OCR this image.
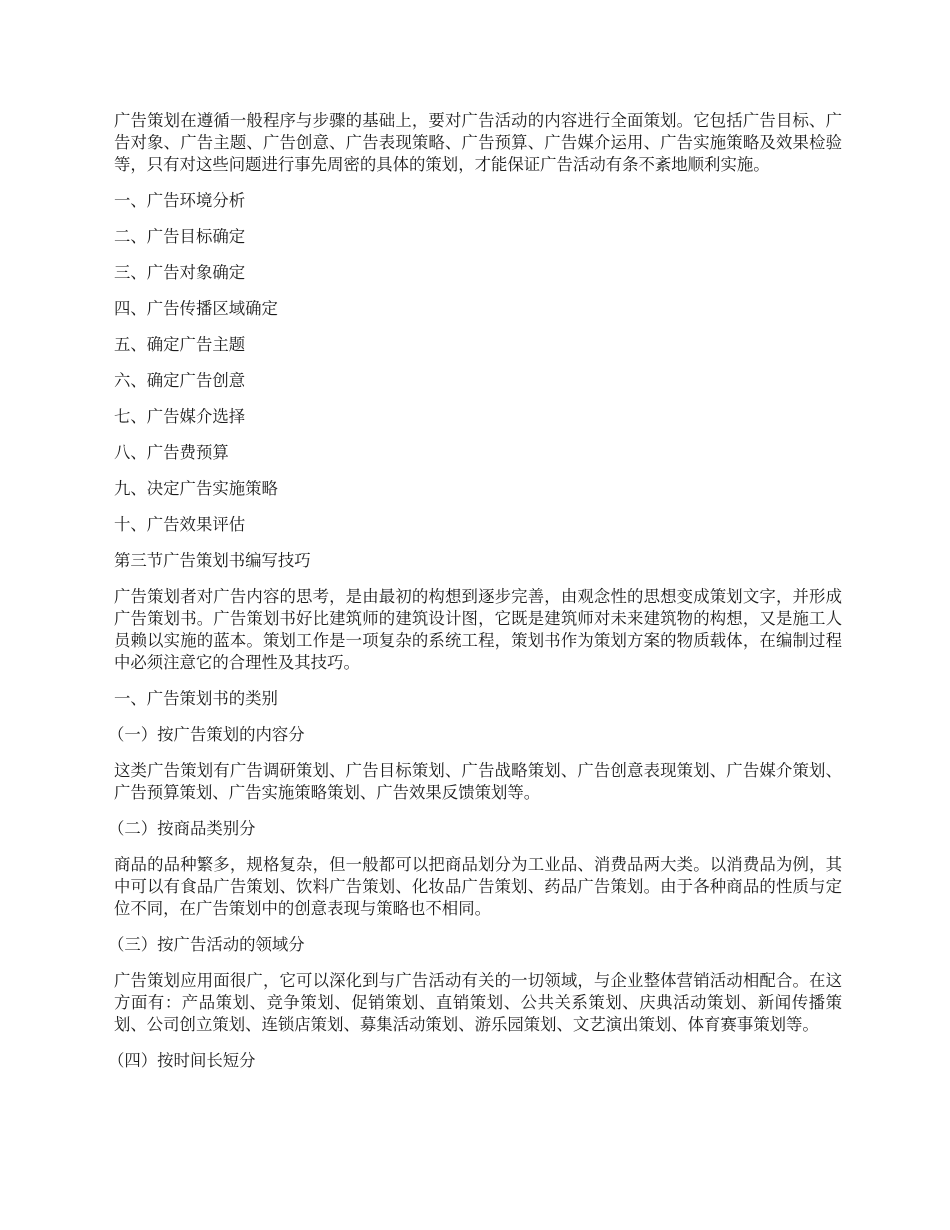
广告策划在遵循一般程序与步骤的基础上，要对广告活动的内容进行全面策划。它包括广告目标、广告对象、广告主题、广告创意、广告表现策略、广告预算、广告媒介运用、广告实施策略及效果检验等，只有对这些问题进行事先周密的具体的策划，才能保证广告活动有条不紊地顺利实施。

一、广告环境分析

二、广告目标确定

三、广告对象确定

四、广告传播区域确定

五、确定广告主题

六、确定广告创意

七、广告媒介选择

八、广告费预算

九、决定广告实施策略

十、广告效果评估

第三节广告策划书编写技巧

广告策划者对广告内容的思考，是由最初的构想到逐步完善，由观念性的思想变成策划文字，并形成广告策划书。广告策划书好比建筑师的建筑设计图，它既是建筑师对未来建筑物的构想，又是施工人员赖以实施的蓝本。策划工作是一项复杂的系统工程，策划书作为策划方案的物质载体，在编制过程中必须注意它的合理性及其技巧。

一、广告策划书的类别

（一）按广告策划的内容分

这类广告策划有广告调研策划、广告目标策划、广告战略策划、广告创意表现策划、广告媒介策划、广告预算策划、广告实施策略策划、广告效果反馈策划等。

（二）按商品类别分

商品的品种繁多，规格复杂，但一般都可以把商品划分为工业品、消费品两大类。以消费品为例，其中可以有食品广告策划、饮料广告策划、化妆品广告策划、药品广告策划。由于各种商品的性质与定位不同，在广告策划中的创意表现与策略也不相同。

（三）按广告活动的领域分

广告策划应用面很广，它可以深化到与广告活动有关的一切领域，与企业整体营销活动相配合。在这方面有：产品策划、竞争策划、促销策划、直销策划、公共关系策划、庆典活动策划、新闻传播策划、公司创立策划、连锁店策划、募集活动策划、游乐园策划、文艺演出策划、体育赛事策划等。

（四）按时间长短分
